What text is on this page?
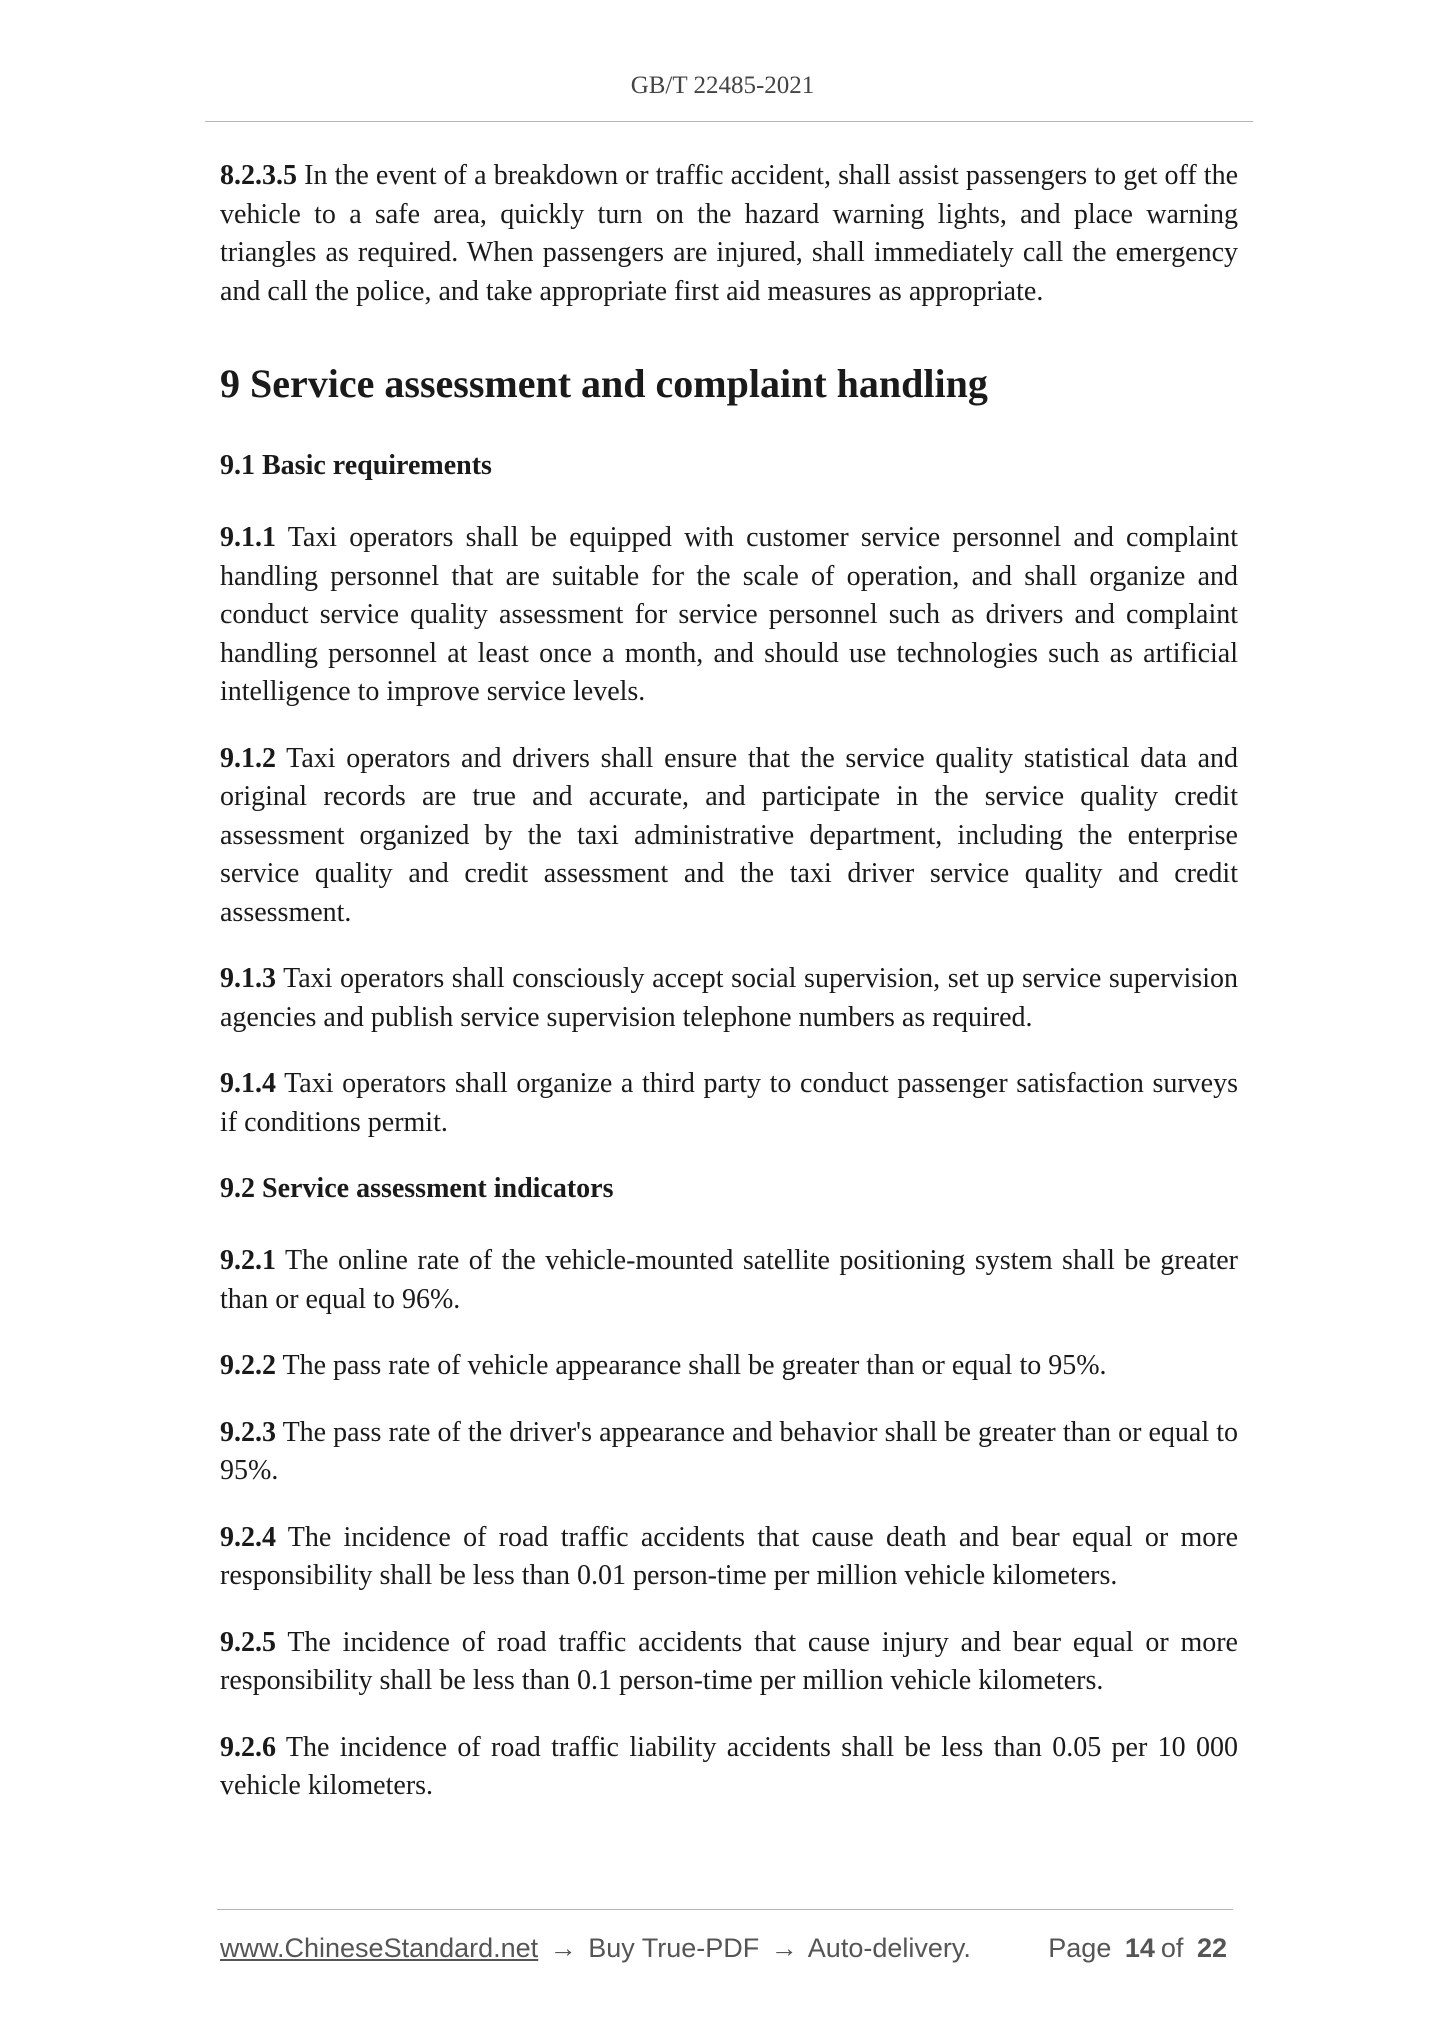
GB/T 22485-2021

8.2.3.5 In the event of a breakdown or traffic accident, shall assist passengers to get off the vehicle to a safe area, quickly turn on the hazard warning lights, and place warning triangles as required. When passengers are injured, shall immediately call the emergency and call the police, and take appropriate first aid measures as appropriate.

9 Service assessment and complaint handling
9.1 Basic requirements

9.1.1 Taxi operators shall be equipped with customer service personnel and complaint handling personnel that are suitable for the scale of operation, and shall organize and conduct service quality assessment for service personnel such as drivers and complaint handling personnel at least once a month, and should use technologies such as artificial intelligence to improve service levels.

9.1.2 Taxi operators and drivers shall ensure that the service quality statistical data and original records are true and accurate, and participate in the service quality credit assessment organized by the taxi administrative department, including the enterprise service quality and credit assessment and the taxi driver service quality and credit assessment.

9.1.3 Taxi operators shall consciously accept social supervision, set up service supervision agencies and publish service supervision telephone numbers as required.

9.1.4 Taxi operators shall organize a third party to conduct passenger satisfaction surveys if conditions permit.

9.2 Service assessment indicators

9.2.1 The online rate of the vehicle-mounted satellite positioning system shall be greater than or equal to 96%.

9.2.2 The pass rate of vehicle appearance shall be greater than or equal to 95%.

9.2.3 The pass rate of the driver's appearance and behavior shall be greater than or equal to 95%.

9.2.4 The incidence of road traffic accidents that cause death and bear equal or more responsibility shall be less than 0.01 person-time per million vehicle kilometers.

9.2.5 The incidence of road traffic accidents that cause injury and bear equal or more responsibility shall be less than 0.1 person-time per million vehicle kilometers.

9.2.6 The incidence of road traffic liability accidents shall be less than 0.05 per 10 000 vehicle kilometers.

www.ChineseStandard.net → Buy True-PDF → Auto-delivery.	Page 14 of 22
